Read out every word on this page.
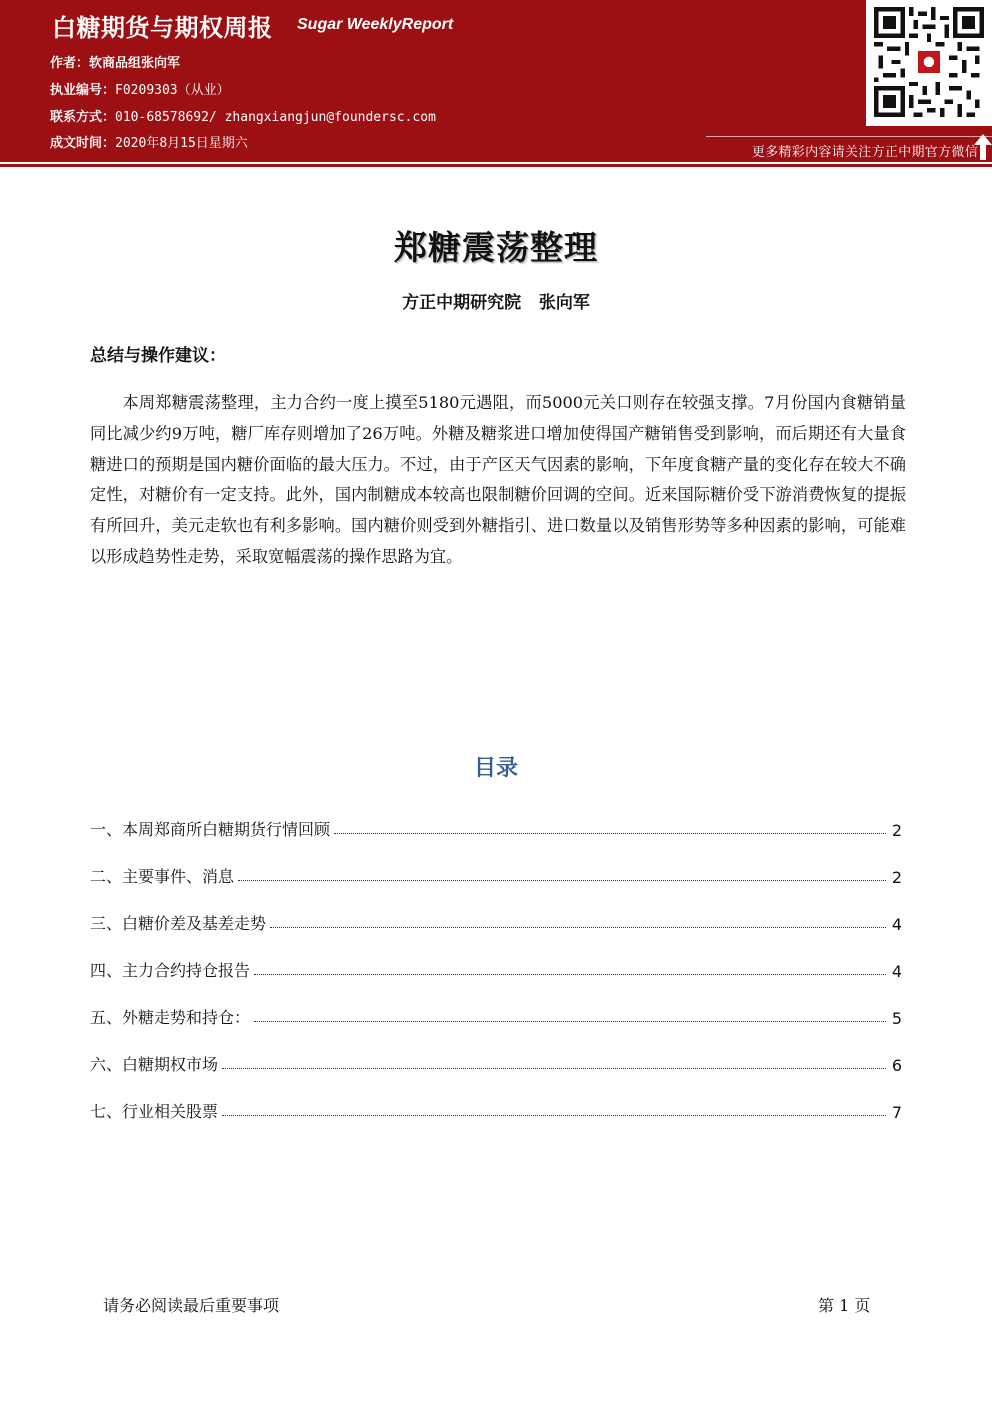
白糖期货与期权周报 Sugar WeeklyReport
作者：软商品组张向军
执业编号：F0209303（从业）
联系方式：010-68578692/ zhangxiangjun@foundersc.com
成文时间：2020年8月15日星期六
更多精彩内容请关注方正中期官方微信
郑糖震荡整理
方正中期研究院   张向军
总结与操作建议：
本周郑糖震荡整理，主力合约一度上摸至5180元遇阻，而5000元关口则存在较强支撑。7月份国内食糖销量同比减少约9万吨，糖厂库存则增加了26万吨。外糖及糖浆进口增加使得国产糖销售受到影响，而后期还有大量食糖进口的预期是国内糖价面临的最大压力。不过，由于产区天气因素的影响，下年度食糖产量的变化存在较大不确定性，对糖价有一定支持。此外，国内制糖成本较高也限制糖价回调的空间。近来国际糖价受下游消费恢复的提振有所回升，美元走软也有利多影响。国内糖价则受到外糖指引、进口数量以及销售形势等多种因素的影响，可能难以形成趋势性走势，采取宽幅震荡的操作思路为宜。
目录
一、本周郑商所白糖期货行情回顾	2
二、主要事件、消息	2
三、白糖价差及基差走势	4
四、主力合约持仓报告	4
五、外糖走势和持仓：	5
六、白糖期权市场	6
七、行业相关股票	7
请务必阅读最后重要事项	第 1 页
